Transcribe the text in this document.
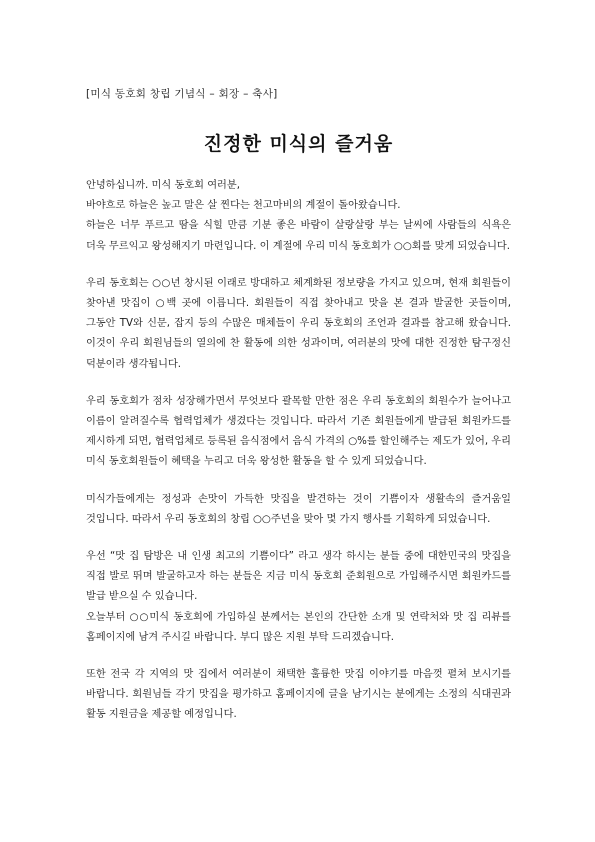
[미식 동호회 창립 기념식 – 회장 – 축사]
진정한 미식의 즐거움

안녕하십니까. 미식 동호회 여러분,

바야흐로 하늘은 높고 말은 살 찐다는 천고마비의 계절이 돌아왔습니다.

하늘은 너무 푸르고 땀을 식힐 만큼 기분 좋은 바람이 살랑살랑 부는 날씨에 사람들의 식욕은 더욱 무르익고 왕성해지기 마련입니다. 이 계절에 우리 미식 동호회가 ○○회를 맞게 되었습니다.

우리 동호회는 ○○년 창시된 이래로 방대하고 체계화된 정보량을 가지고 있으며, 현재 회원들이 찾아낸 맛집이 ○백 곳에 이릅니다. 회원들이 직접 찾아내고 맛을 본 결과 발굴한 곳들이며, 그동안 TV와 신문, 잡지 등의 수많은 매체들이 우리 동호회의 조언과 결과를 참고해 왔습니다. 이것이 우리 회원님들의 열의에 찬 활동에 의한 성과이며, 여러분의 맛에 대한 진정한 탐구정신 덕분이라 생각됩니다.

우리 동호회가 점차 성장해가면서 무엇보다 괄목할 만한 점은 우리 동호회의 회원수가 늘어나고 이름이 알려질수록 협력업체가 생겼다는 것입니다. 따라서 기존 회원들에게 발급된 회원카드를 제시하게 되면, 협력업체로 등록된 음식점에서 음식 가격의 ○%를 할인해주는 제도가 있어, 우리 미식 동호회원들이 혜택을 누리고 더욱 왕성한 활동을 할 수 있게 되었습니다.

미식가들에게는 정성과 손맛이 가득한 맛집을 발견하는 것이 기쁨이자 생활속의 즐거움일 것입니다. 따라서 우리 동호회의 창립 ○○주년을 맞아 몇 가지 행사를 기획하게 되었습니다.

우선 “맛 집 탐방은 내 인생 최고의 기쁨이다” 라고 생각 하시는 분들 중에 대한민국의 맛집을 직접 발로 뛰며 발굴하고자 하는 분들은 지금 미식 동호회 준회원으로 가입해주시면 회원카드를 발급 받으실 수 있습니다.

오늘부터 ○○미식 동호회에 가입하실 분께서는 본인의 간단한 소개 및 연락처와 맛 집 리뷰를 홈페이지에 남겨 주시길 바랍니다. 부디 많은 지원 부탁 드리겠습니다.

또한 전국 각 지역의 맛 집에서 여러분이 채택한 훌륭한 맛집 이야기를 마음껏 펼쳐 보시기를 바랍니다. 회원님들 각기 맛집을 평가하고 홈페이지에 글을 남기시는 분에게는 소정의 식대권과 활동 지원금을 제공할 예정입니다.
